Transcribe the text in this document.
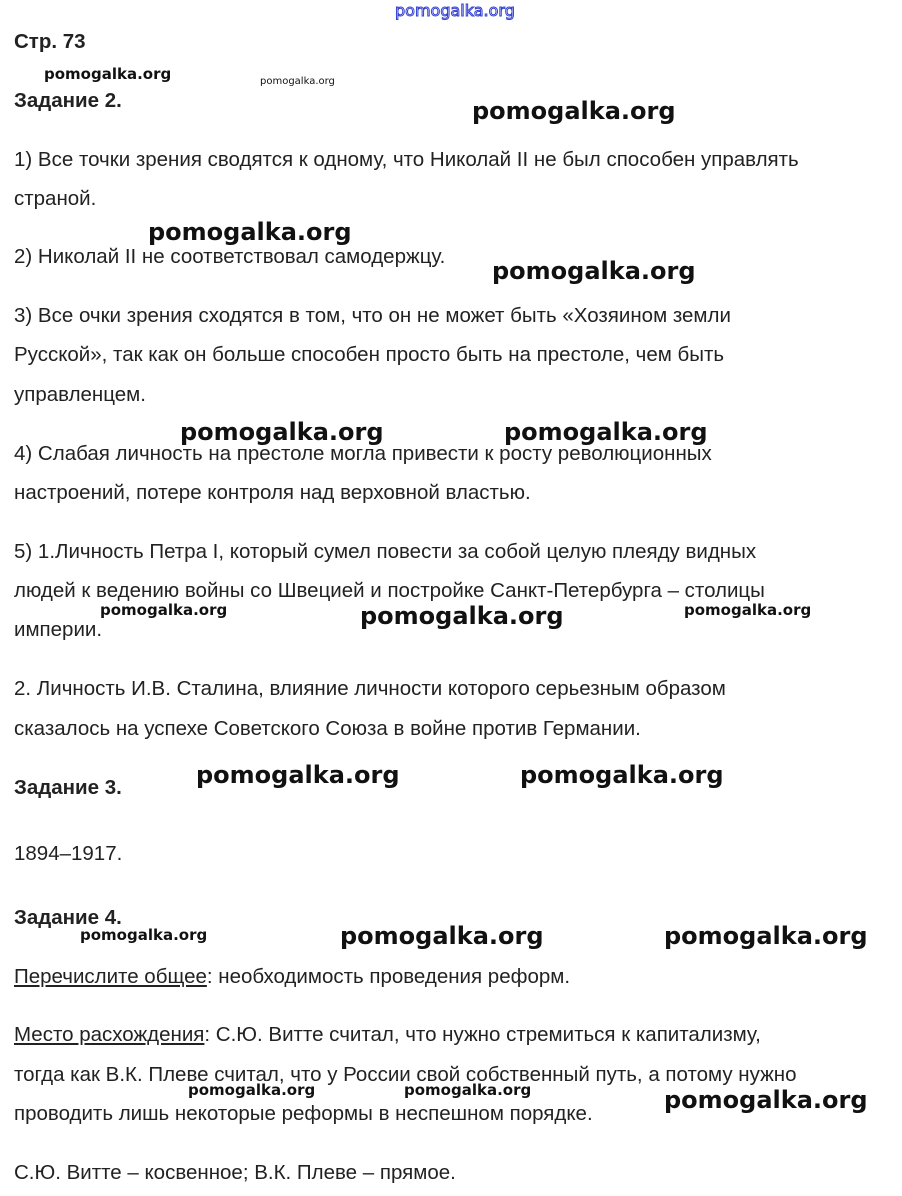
Стр. 73
Задание 2.
1) Все точки зрения сводятся к одному, что Николай II не был способен управлять
страной.
2) Николай II не соответствовал самодержцу.
3) Все очки зрения сходятся в том, что он не может быть «Хозяином земли
Русской», так как он больше способен просто быть на престоле, чем быть
управленцем.
4) Слабая личность на престоле могла привести к росту революционных
настроений, потере контроля над верховной властью.
5) 1.Личность Петра I, который сумел повести за собой целую плеяду видных
людей к ведению войны со Швецией и постройке Санкт-Петербурга – столицы
империи.
2. Личность И.В. Сталина, влияние личности которого серьезным образом
сказалось на успехе Советского Союза в войне против Германии.
Задание 3.
1894–1917.
Задание 4.
Перечислите общее: необходимость проведения реформ.
Место расхождения: С.Ю. Витте считал, что нужно стремиться к капитализму,
тогда как В.К. Плеве считал, что у России свой собственный путь, а потому нужно
проводить лишь некоторые реформы в неспешном порядке.
С.Ю. Витте – косвенное; В.К. Плеве – прямое.
pomogalka.org
pomogalka.org	pomogalka.org
pomogalka.org
pomogalka.org
pomogalka.org
pomogalka.org	pomogalka.org
pomogalka.org	pomogalka.org	pomogalka.org
pomogalka.org	pomogalka.org
pomogalka.org	pomogalka.org	pomogalka.org
pomogalka.org	pomogalka.org	pomogalka.org
